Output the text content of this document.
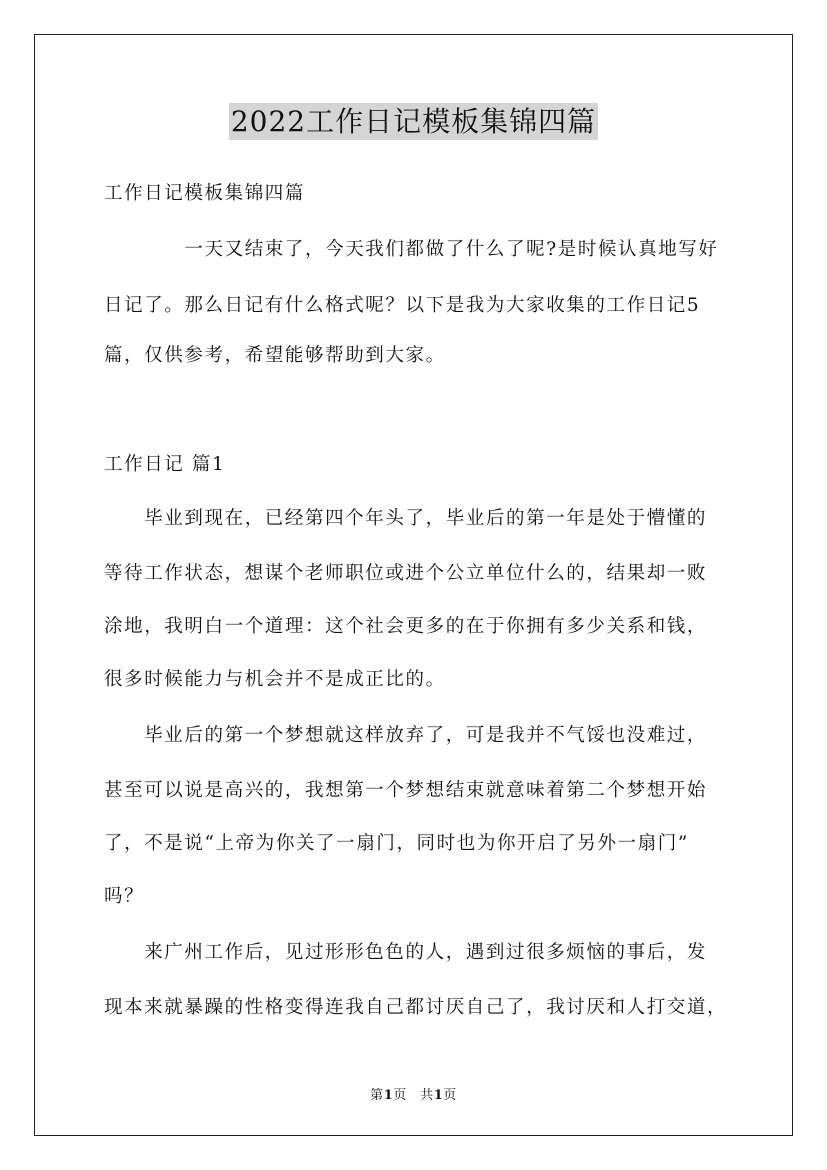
2022工作日记模板集锦四篇
工作日记模板集锦四篇
　　　　一天又结束了，今天我们都做了什么了呢?是时候认真地写好
日记了。那么日记有什么格式呢？以下是我为大家收集的工作日记5
篇，仅供参考，希望能够帮助到大家。
工作日记 篇1
　　毕业到现在，已经第四个年头了，毕业后的第一年是处于懵懂的
等待工作状态，想谋个老师职位或进个公立单位什么的，结果却一败
涂地，我明白一个道理：这个社会更多的在于你拥有多少关系和钱，
很多时候能力与机会并不是成正比的。
　　毕业后的第一个梦想就这样放弃了，可是我并不气馁也没难过，
甚至可以说是高兴的，我想第一个梦想结束就意味着第二个梦想开始
了，不是说“上帝为你关了一扇门，同时也为你开启了另外一扇门”
吗？
　　来广州工作后，见过形形色色的人，遇到过很多烦恼的事后，发
现本来就暴躁的性格变得连我自己都讨厌自己了，我讨厌和人打交道，
第1页　共1页
